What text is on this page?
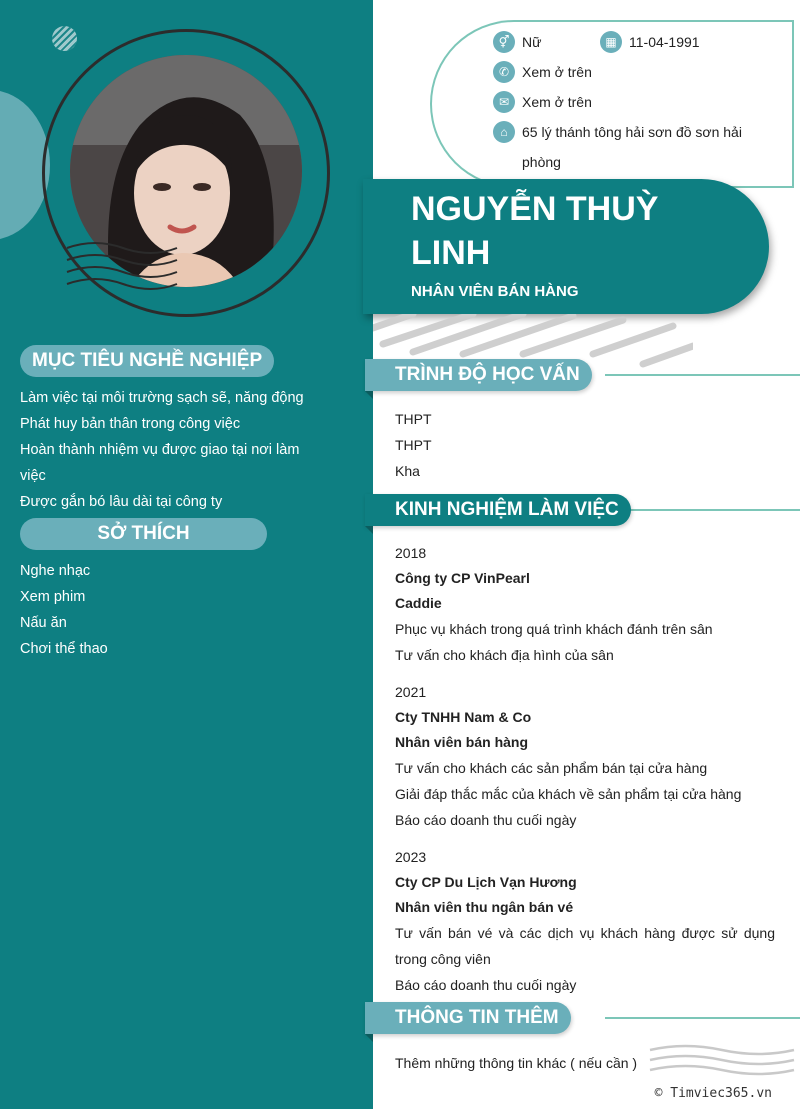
MỤC TIÊU NGHỀ NGHIỆP
Làm việc tại môi trường sạch sẽ, năng động
Phát huy bản thân trong công việc
Hoàn thành nhiệm vụ được giao tại nơi làm việc
Được gắn bó lâu dài tại công ty
SỞ THÍCH
Nghe nhạc
Xem phim
Nấu ăn
Chơi thể thao
⚥ Nữ	▦ 11-04-1991
✆ Xem ở trên
✉ Xem ở trên
⌂	65 lý thánh tông hải sơn đồ sơn hải
phòng
NGUYỄN THUỲ LINH
NHÂN VIÊN BÁN HÀNG
TRÌNH ĐỘ HỌC VẤN
THPT
THPT
Kha
KINH NGHIỆM LÀM VIỆC
2018
Công ty CP VinPearl
Caddie
Phục vụ khách trong quá trình khách đánh trên sân
Tư vấn cho khách địa hình của sân
2021
Cty TNHH Nam & Co
Nhân viên bán hàng
Tư vấn cho khách các sản phẩm bán tại cửa hàng
Giải đáp thắc mắc của khách về sản phẩm tại cửa hàng
Báo cáo doanh thu cuối ngày
2023
Cty CP Du Lịch Vạn Hương
Nhân viên thu ngân bán vé
Tư vấn bán vé và các dịch vụ khách hàng được sử dụng trong công viên
Báo cáo doanh thu cuối ngày
THÔNG TIN THÊM
Thêm những thông tin khác ( nếu cần )
© Timviec365.vn
